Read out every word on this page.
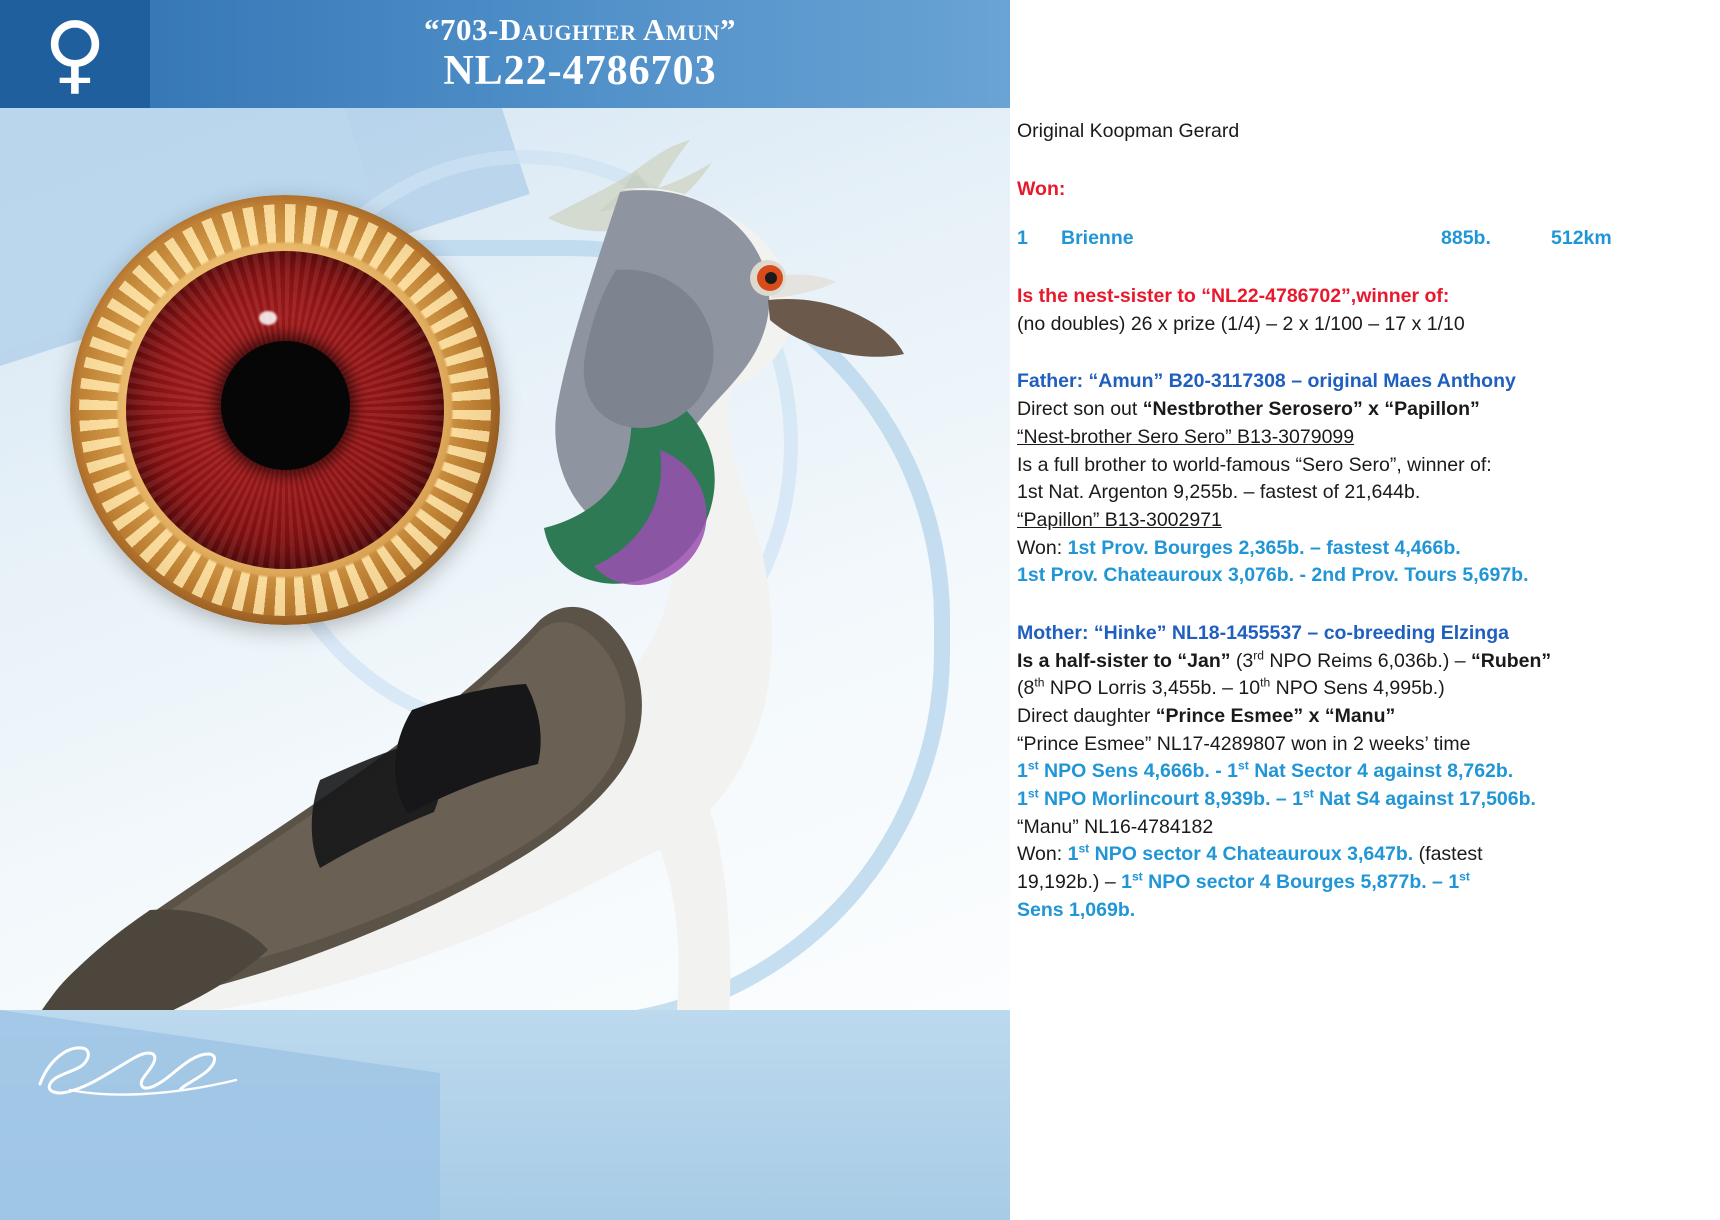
Original Koopman Gerard
Won:
1	Brienne	885b.	512km
Is the nest-sister to “NL22-4786702”,winner of:
(no doubles) 26 x prize (1/4) – 2 x 1/100 – 17 x 1/10
Father: “Amun” B20-3117308 – original Maes Anthony
Direct son out “Nestbrother Serosero” x “Papillon”
“Nest-brother Sero Sero” B13-3079099
Is a full brother to world-famous “Sero Sero”, winner of:
1st Nat. Argenton 9,255b. – fastest of 21,644b.
“Papillon” B13-3002971
Won: 1st Prov. Bourges 2,365b. – fastest 4,466b.
1st Prov. Chateauroux 3,076b. - 2nd Prov. Tours 5,697b.
Mother: “Hinke” NL18-1455537 – co-breeding Elzinga
Is a half-sister to “Jan” (3rd NPO Reims 6,036b.) – “Ruben”
(8th NPO Lorris 3,455b. – 10th NPO Sens 4,995b.)
Direct daughter “Prince Esmee” x “Manu”
“Prince Esmee” NL17-4289807 won in 2 weeks’ time
1st NPO Sens 4,666b. - 1st Nat Sector 4 against 8,762b.
1st NPO Morlincourt 8,939b. – 1st Nat S4 against 17,506b.
“Manu” NL16-4784182
Won: 1st NPO sector 4 Chateauroux 3,647b. (fastest
19,192b.) – 1st NPO sector 4 Bourges 5,877b. – 1st
Sens 1,069b.
♀	“703-Daughter Amun”
NL22-4786703
